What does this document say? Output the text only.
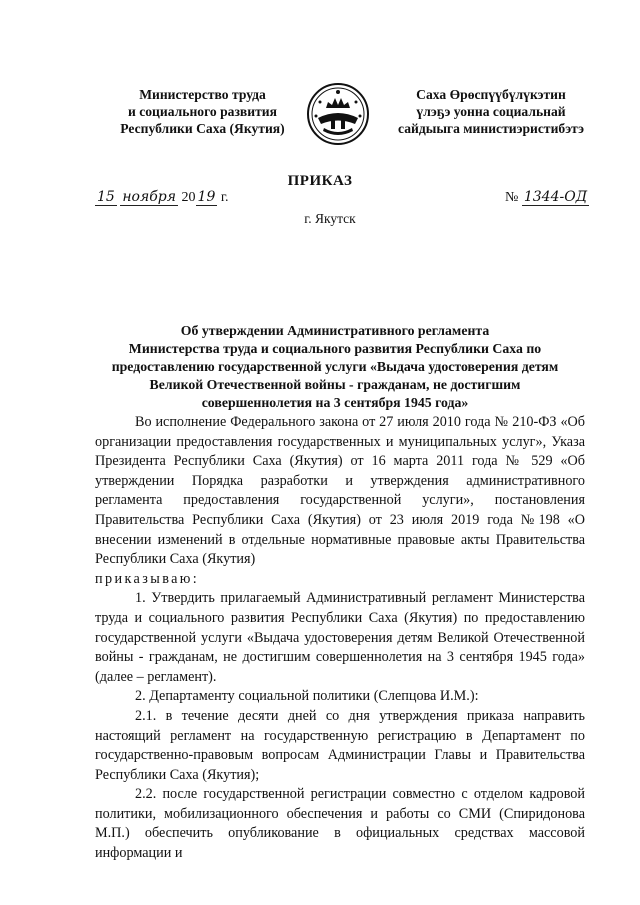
Министерство труда
и социального развития
Республики Саха (Якутия)
Саха Өрөспүүбүлүкэтин
үлэҕэ уонна социальнай
сайдыыга министиэристибэтэ
ПРИКАЗ
15 ноября 20 19 г.	№ 1344-ОД
г. Якутск
Об утверждении Административного регламента
Министерства труда и социального развития Республики Саха по
предоставлению государственной услуги «Выдача удостоверения детям
Великой Отечественной войны - гражданам, не достигшим
совершеннолетия на 3 сентября 1945 года»

Во исполнение Федерального закона от 27 июля 2010 года № 210-ФЗ «Об организации предоставления государственных и муниципальных услуг», Указа Президента Республики Саха (Якутия) от 16 марта 2011 года № 529 «Об утверждении Порядка разработки и утверждения административного регламента предоставления государственной услуги», постановления Правительства Республики Саха (Якутия) от 23 июля 2019 года №198 «О внесении изменений в отдельные нормативные правовые акты Правительства Республики Саха (Якутия)

приказываю:

1. Утвердить прилагаемый Административный регламент Министерства труда и социального развития Республики Саха (Якутия) по предоставлению государственной услуги «Выдача удостоверения детям Великой Отечественной войны - гражданам, не достигшим совершеннолетия на 3 сентября 1945 года» (далее – регламент).

2. Департаменту социальной политики (Слепцова И.М.):

2.1. в течение десяти дней со дня утверждения приказа направить настоящий регламент на государственную регистрацию в Департамент по государственно-правовым вопросам Администрации Главы и Правительства Республики Саха (Якутия);

2.2. после государственной регистрации совместно с отделом кадровой политики, мобилизационного обеспечения и работы со СМИ (Спиридонова М.П.) обеспечить опубликование в официальных средствах массовой информации и
